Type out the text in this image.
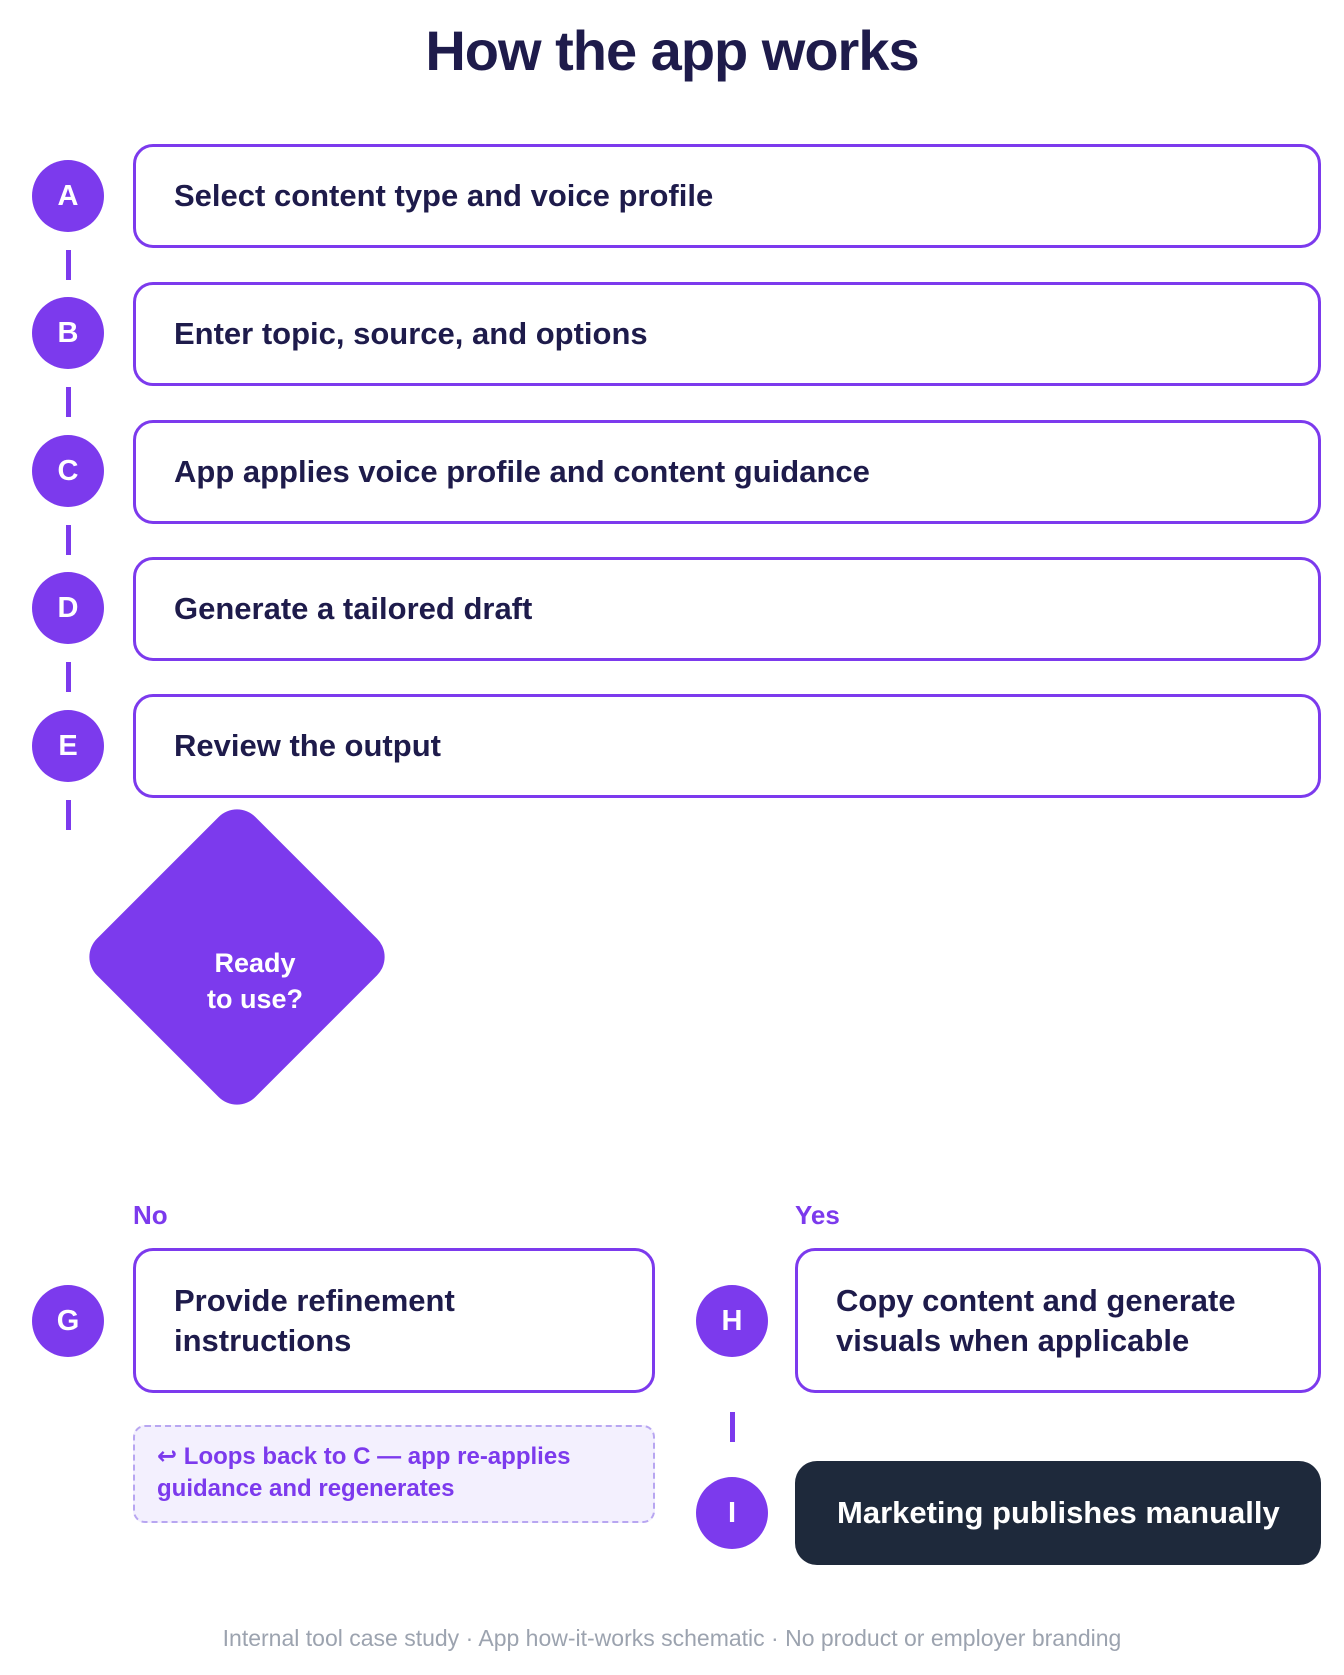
How the app works
A	Select content type and voice profile
B	Enter topic, source, and options
C	App applies voice profile and content guidance
D	Generate a tailored draft
E	Review the output
Ready
to use?
No
G
Provide refinement
instructions
↩ Loops back to C — app re-applies
guidance and regenerates
Yes
H
Copy content and generate
visuals when applicable
I	Marketing publishes manually
Internal tool case study · App how-it-works schematic · No product or employer branding
